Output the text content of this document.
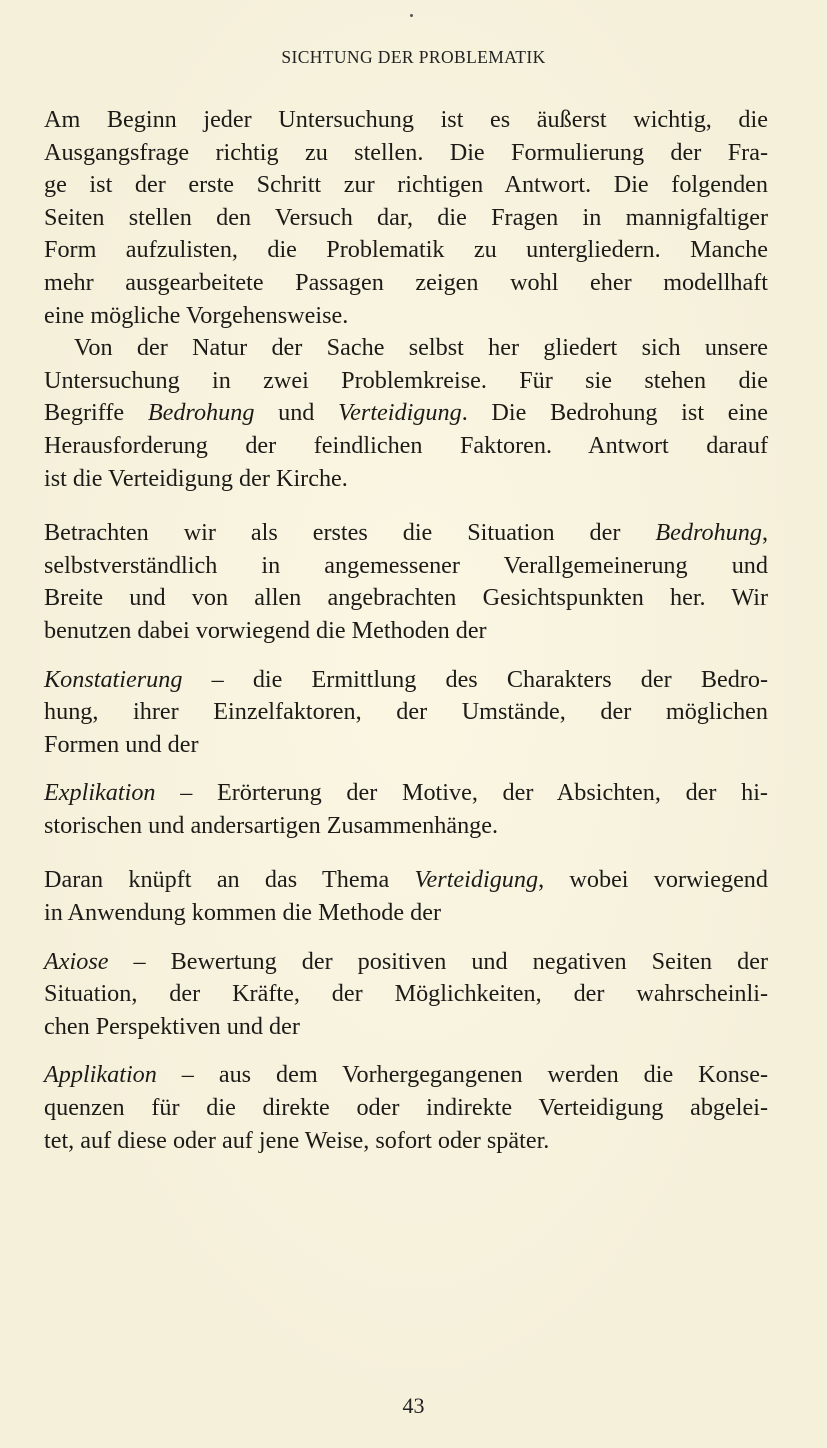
SICHTUNG DER PROBLEMATIK
Am Beginn jeder Untersuchung ist es äußerst wichtig, die
Ausgangsfrage richtig zu stellen. Die Formulierung der Fra-
ge ist der erste Schritt zur richtigen Antwort. Die folgenden
Seiten stellen den Versuch dar, die Fragen in mannigfaltiger
Form aufzulisten, die Problematik zu untergliedern. Manche
mehr ausgearbeitete Passagen zeigen wohl eher modellhaft
eine mögliche Vorgehensweise.
Von der Natur der Sache selbst her gliedert sich unsere
Untersuchung in zwei Problemkreise. Für sie stehen die
Begriffe Bedrohung und Verteidigung. Die Bedrohung ist eine
Herausforderung der feindlichen Faktoren. Antwort darauf
ist die Verteidigung der Kirche.
Betrachten wir als erstes die Situation der Bedrohung,
selbstverständlich in angemessener Verallgemeinerung und
Breite und von allen angebrachten Gesichtspunkten her. Wir
benutzen dabei vorwiegend die Methoden der
Konstatierung – die Ermittlung des Charakters der Bedro-
hung, ihrer Einzelfaktoren, der Umstände, der möglichen
Formen und der
Explikation – Erörterung der Motive, der Absichten, der hi-
storischen und andersartigen Zusammenhänge.
Daran knüpft an das Thema Verteidigung, wobei vorwiegend
in Anwendung kommen die Methode der
Axiose – Bewertung der positiven und negativen Seiten der
Situation, der Kräfte, der Möglichkeiten, der wahrscheinli-
chen Perspektiven und der
Applikation – aus dem Vorhergegangenen werden die Konse-
quenzen für die direkte oder indirekte Verteidigung abgelei-
tet, auf diese oder auf jene Weise, sofort oder später.
43
